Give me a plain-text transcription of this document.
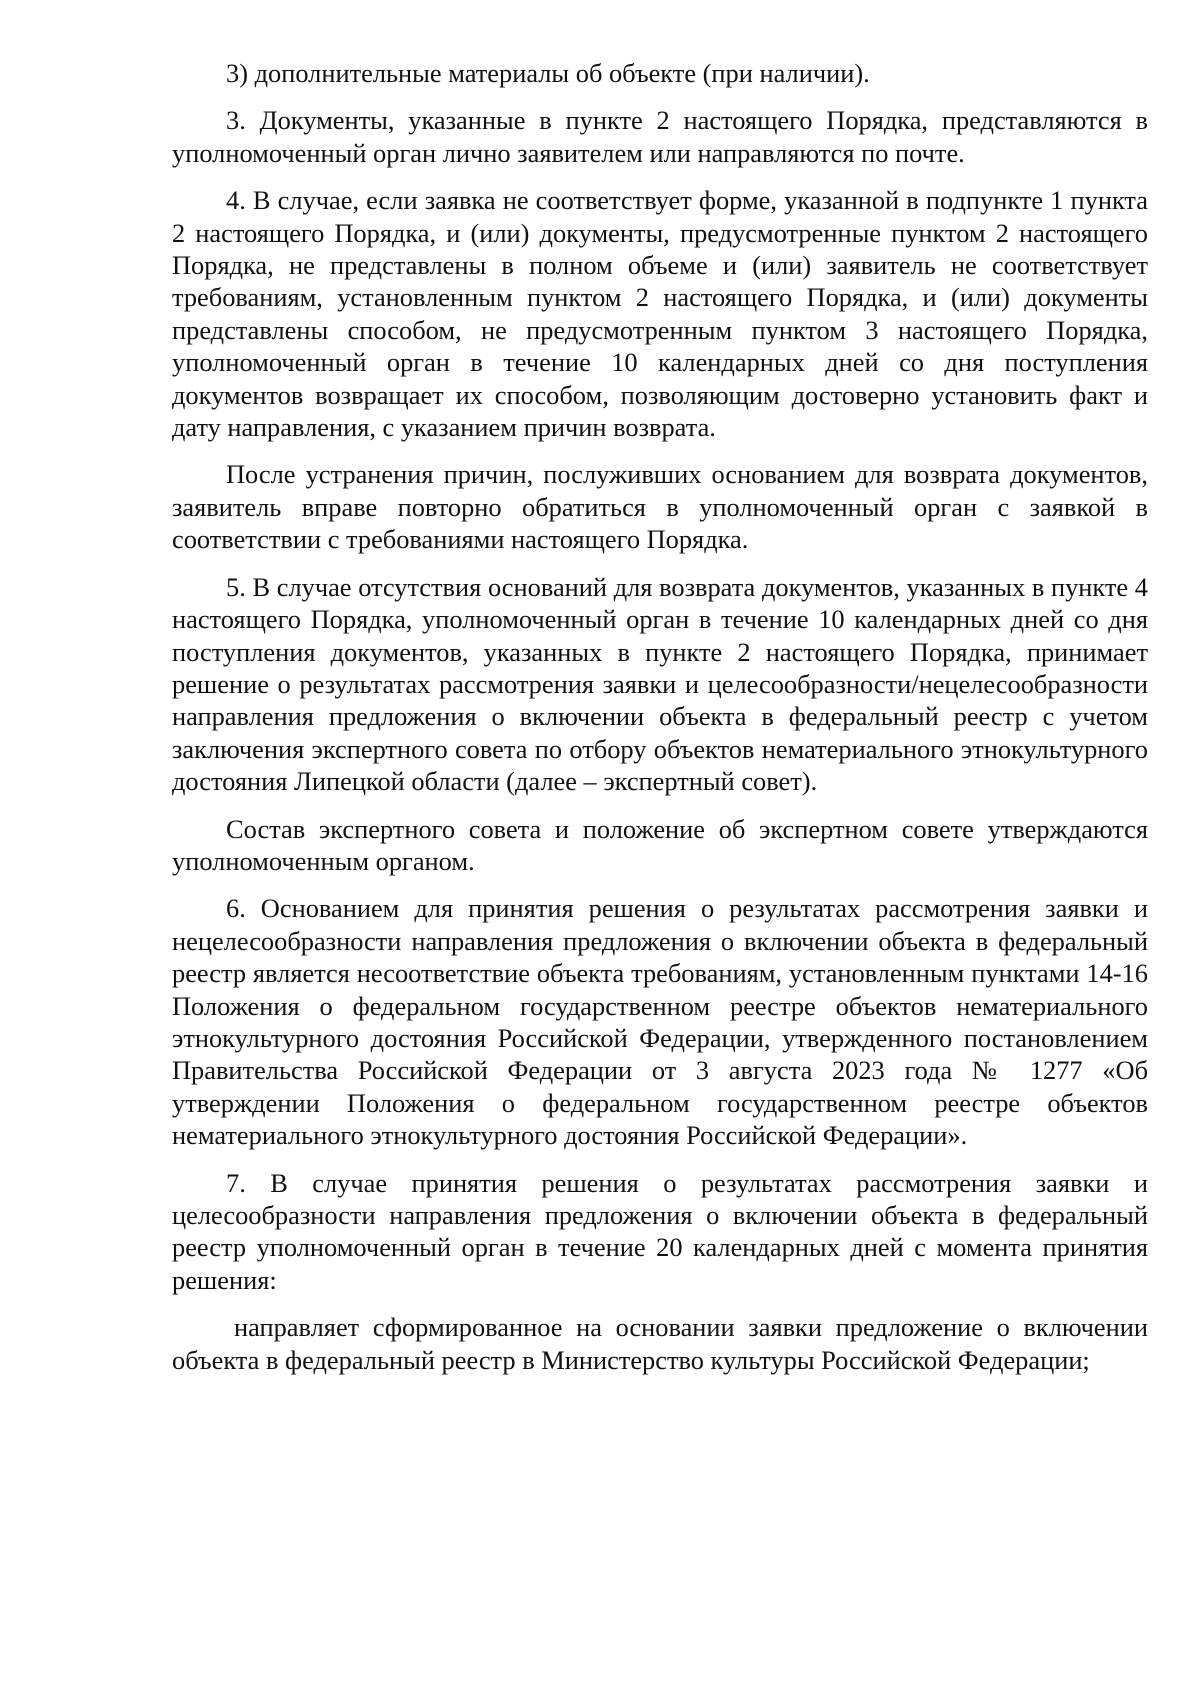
3) дополнительные материалы об объекте (при наличии).

3. Документы, указанные в пункте 2 настоящего Порядка, представляются в уполномоченный орган лично заявителем или направляются по почте.

4. В случае, если заявка не соответствует форме, указанной в подпункте 1 пункта 2 настоящего Порядка, и (или) документы, предусмотренные пунктом 2 настоящего Порядка, не представлены в полном объеме и (или) заявитель не соответствует требованиям, установленным пунктом 2 настоящего Порядка, и (или) документы представлены способом, не предусмотренным пунктом 3 настоящего Порядка, уполномоченный орган в течение 10 календарных дней со дня поступления документов возвращает их способом, позволяющим достоверно установить факт и дату направления, с указанием причин возврата.

После устранения причин, послуживших основанием для возврата документов, заявитель вправе повторно обратиться в уполномоченный орган с заявкой в соответствии с требованиями настоящего Порядка.

5. В случае отсутствия оснований для возврата документов, указанных в пункте 4 настоящего Порядка, уполномоченный орган в течение 10 календарных дней со дня поступления документов, указанных в пункте 2 настоящего Порядка, принимает решение о результатах рассмотрения заявки и целесообразности/нецелесообразности направления предложения о включении объекта в федеральный реестр с учетом заключения экспертного совета по отбору объектов нематериального этнокультурного достояния Липецкой области (далее – экспертный совет).

Состав экспертного совета и положение об экспертном совете утверждаются уполномоченным органом.

6. Основанием для принятия решения о результатах рассмотрения заявки и нецелесообразности направления предложения о включении объекта в федеральный реестр является несоответствие объекта требованиям, установленным пунктами 14-16 Положения о федеральном государственном реестре объектов нематериального этнокультурного достояния Российской Федерации, утвержденного постановлением Правительства Российской Федерации от 3 августа 2023 года № 1277 «Об утверждении Положения о федеральном государственном реестре объектов нематериального этнокультурного достояния Российской Федерации».

7. В случае принятия решения о результатах рассмотрения заявки и целесообразности направления предложения о включении объекта в федеральный реестр уполномоченный орган в течение 20 календарных дней с момента принятия решения:

направляет сформированное на основании заявки предложение о включении объекта в федеральный реестр в Министерство культуры Российской Федерации;
